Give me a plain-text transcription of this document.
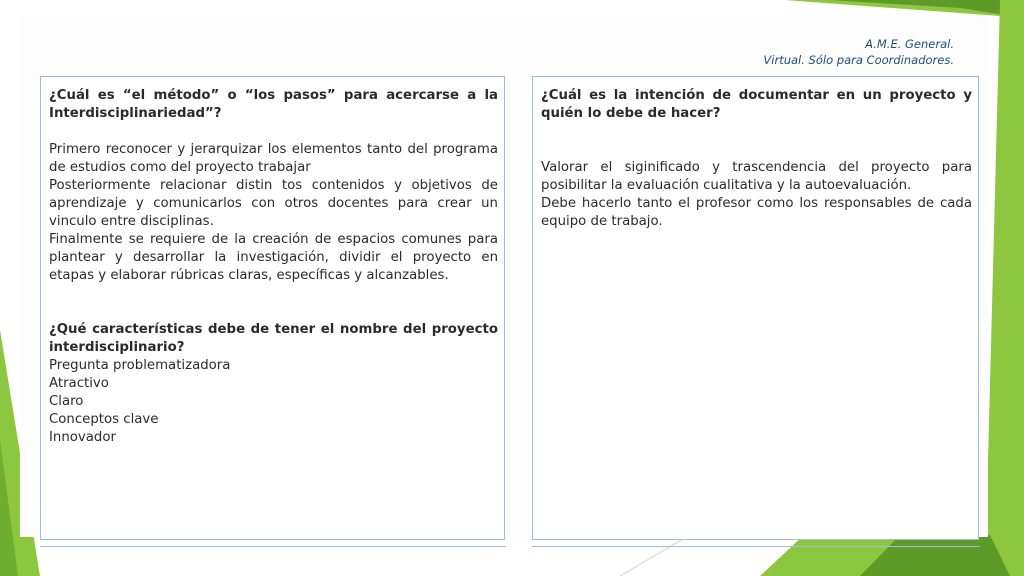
A.M.E. General.
Virtual. Sólo para Coordinadores.

¿Cuál es “el método” o “los pasos” para acercarse a la Interdisciplinariedad”?

Primero reconocer y jerarquizar los elementos tanto del programa de estudios como del proyecto trabajar

Posteriormente relacionar distin tos contenidos y objetivos de aprendizaje y comunicarlos con otros docentes para crear un vinculo entre disciplinas.

Finalmente se requiere de la creación de espacios comunes para plantear y desarrollar la investigación, dividir el proyecto en etapas y elaborar rúbricas claras, específicas y alcanzables.

¿Qué características debe de tener el nombre del proyecto interdisciplinario?

Pregunta problematizadora
Atractivo
Claro
Conceptos clave
Innovador

¿Cuál es la intención de documentar en un proyecto y quién lo debe de hacer?

Valorar el siginificado y trascendencia del proyecto para posibilitar la evaluación cualitativa y la autoevaluación.

Debe hacerlo tanto el profesor como los responsables de cada equipo de trabajo.
